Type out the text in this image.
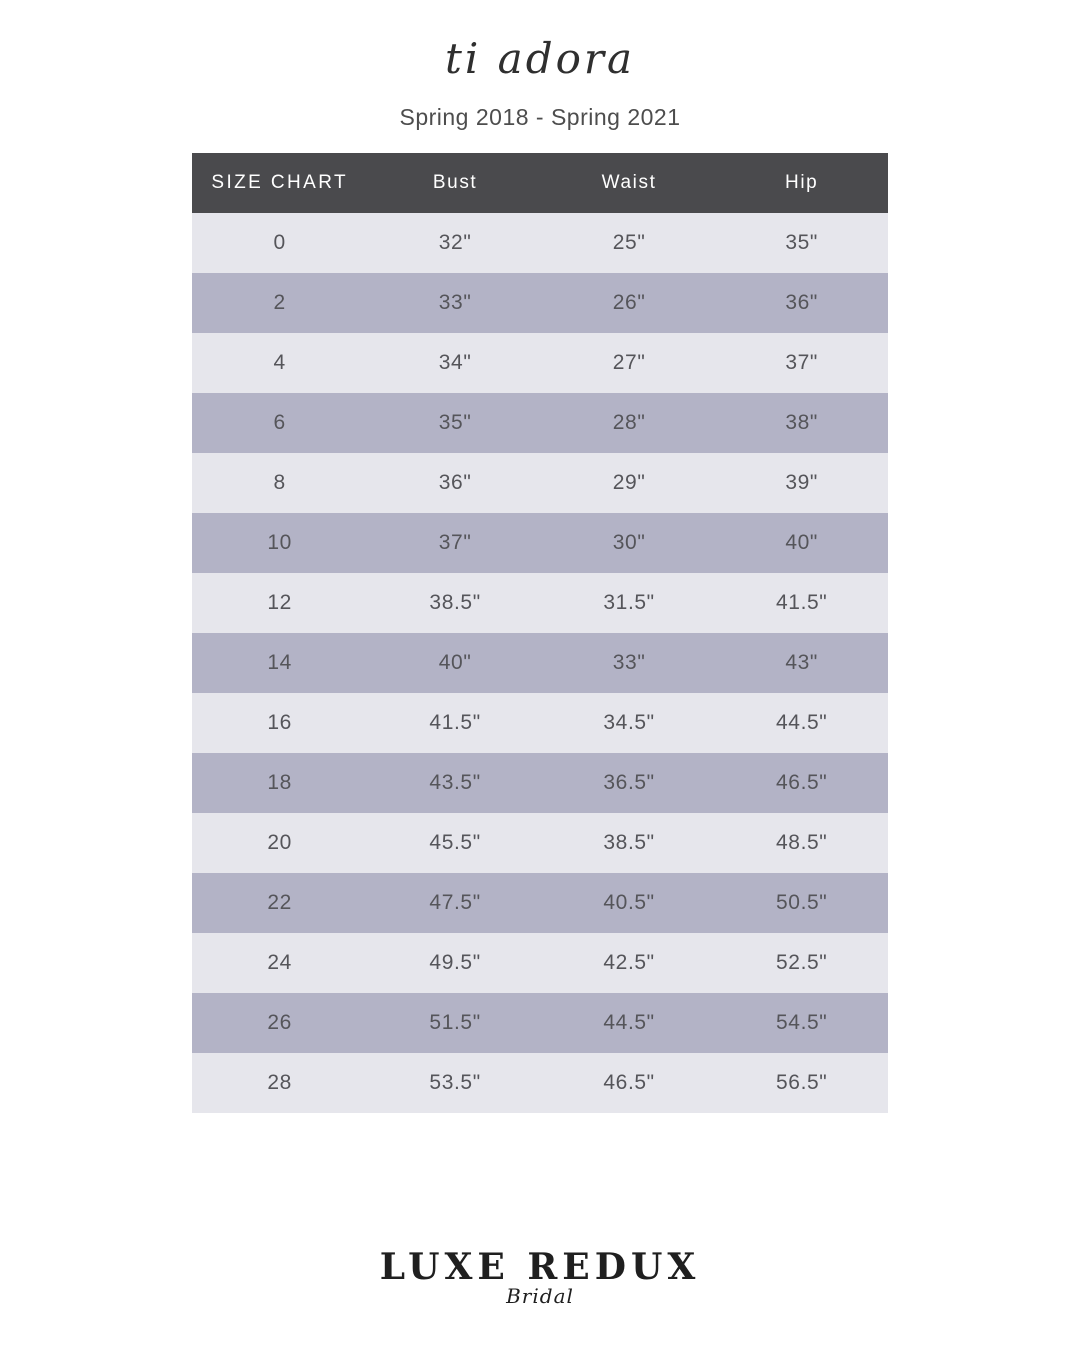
ti adora
Spring 2018 - Spring 2021
SIZE CHART	Bust	Waist	Hip
0	32"	25"	35"
2	33"	26"	36"
4	34"	27"	37"
6	35"	28"	38"
8	36"	29"	39"
10	37"	30"	40"
12	38.5"	31.5"	41.5"
14	40"	33"	43"
16	41.5"	34.5"	44.5"
18	43.5"	36.5"	46.5"
20	45.5"	38.5"	48.5"
22	47.5"	40.5"	50.5"
24	49.5"	42.5"	52.5"
26	51.5"	44.5"	54.5"
28	53.5"	46.5"	56.5"
LUXE REDUX
Bridal
